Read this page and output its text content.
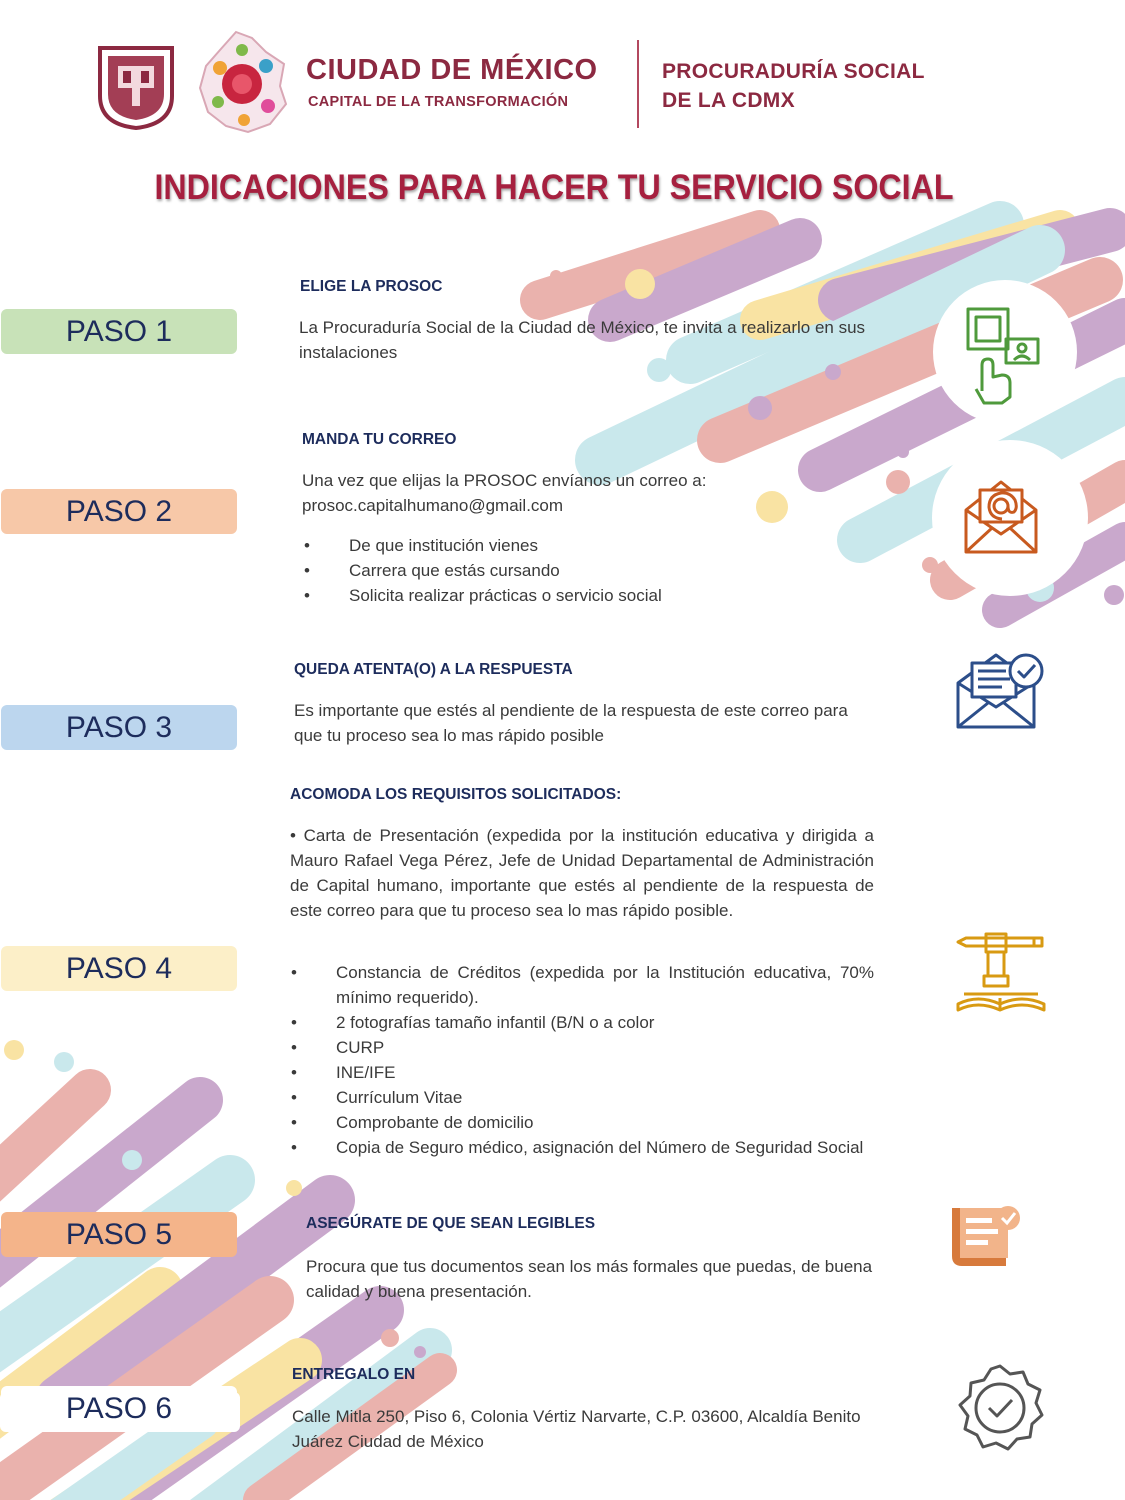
CIUDAD DE MÉXICO
CAPITAL DE LA TRANSFORMACIÓN
PROCURADURÍA SOCIAL
DE LA CDMX
INDICACIONES PARA HACER TU SERVICIO SOCIAL
PASO 1
ELIGE LA PROSOC
La Procuraduría Social de la Ciudad de México, te invita a realizarlo en sus instalaciones
PASO 2
MANDA TU CORREO
Una vez que elijas la PROSOC envíanos un correo a: prosoc.capitalhumano@gmail.com
• De que institución vienes
• Carrera que estás cursando
• Solicita realizar prácticas o servicio social
PASO 3
QUEDA ATENTA(O) A LA RESPUESTA
Es importante que estés al pendiente de la respuesta de este correo para que tu proceso sea lo mas rápido posible
PASO 4
ACOMODA LOS REQUISITOS SOLICITADOS:
• Carta de Presentación (expedida por la institución educativa y dirigida a Mauro Rafael Vega Pérez, Jefe de Unidad Departamental de Administración de Capital humano, importante que estés al pendiente de la respuesta de este correo para que tu proceso sea lo mas rápido posible.
• Constancia de Créditos (expedida por la Institución educativa, 70% mínimo requerido).
• 2 fotografías tamaño infantil (B/N o a color
• CURP
• INE/IFE
• Currículum Vitae
• Comprobante de domicilio
• Copia de Seguro médico, asignación del Número de Seguridad Social
PASO 5	ASEGÚRATE DE QUE SEAN LEGIBLES
Procura que tus documentos sean los más formales que puedas, de buena calidad y buena presentación.
PASO 6
ENTREGALO EN
Calle Mitla 250, Piso 6, Colonia Vértiz Narvarte, C.P. 03600, Alcaldía Benito Juárez Ciudad de México
